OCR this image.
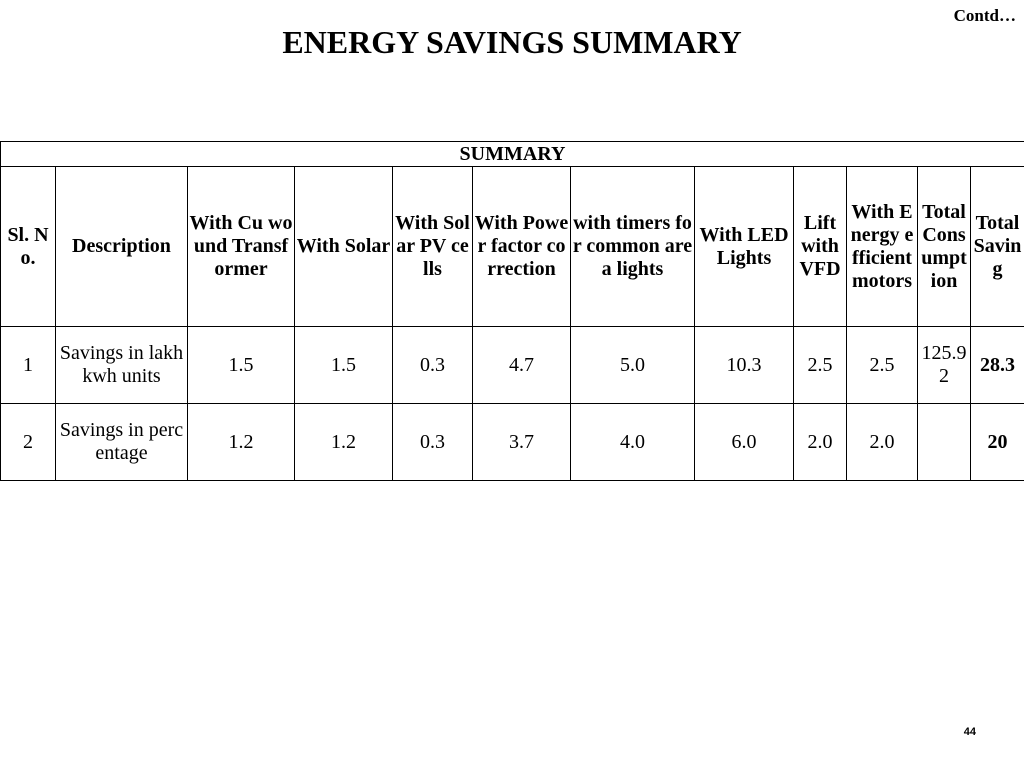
Contd…
ENERGY SAVINGS SUMMARY
SUMMARY											
Sl. No.	Description	With Cu wound Transformer	With Solar	With Solar PV cells	With Power factor correction	with timers for common area lights	With LED Lights	Lift with VFD	With Energy efficient motors	Total Consumption	Total Saving
1	Savings in lakh kwh units	1.5	1.5	0.3	4.7	5.0	10.3	2.5	2.5	125.92	28.3
2	Savings in percentage	1.2	1.2	0.3	3.7	4.0	6.0	2.0	2.0		20
44
